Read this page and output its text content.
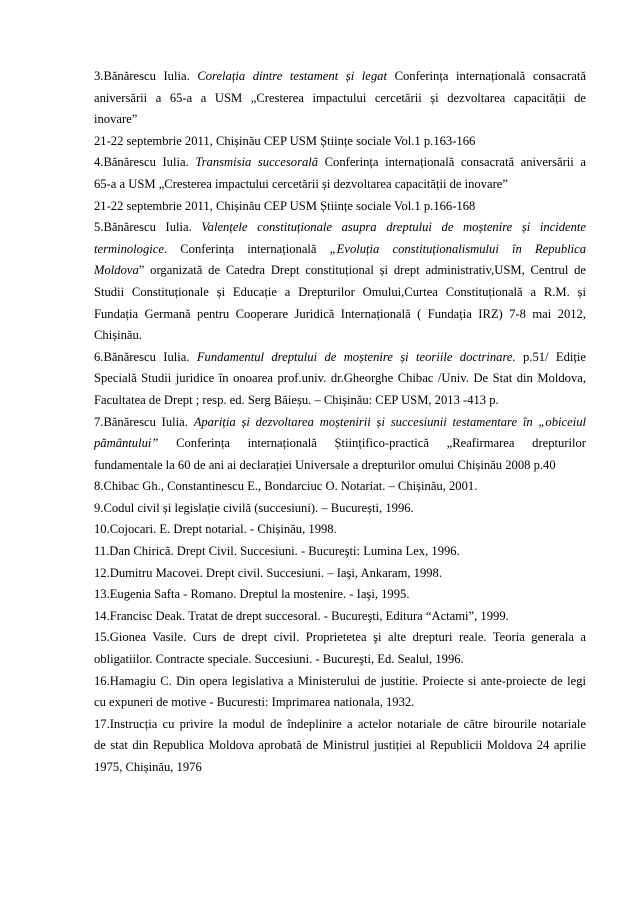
3.Bănărescu Iulia. Corelația dintre testament și legat Conferința internațională consacrată
aniversării a 65-a a USM „Cresterea impactului cercetării și dezvoltarea capacității de
inovare”
21-22 septembrie 2011, Chișinău CEP USM Științe sociale Vol.1 p.163-166
4.Bănărescu Iulia. Transmisia succesorală Conferința internațională consacrată aniversării a
65-a a USM „Cresterea impactului cercetării și dezvoltarea capacității de inovare”
21-22 septembrie 2011, Chișinău CEP USM Științe sociale Vol.1 p.166-168
5.Bănărescu Iulia. Valențele constituționale asupra dreptului de moștenire și incidente
terminologice. Conferința internațională „Evoluția constituționalismului în Republica
Moldova” organizată de Catedra Drept constituțional și drept administrativ,USM, Centrul de
Studii Constituționale și Educație a Drepturilor Omului,Curtea Constituțională a R.M. și
Fundația Germană pentru Cooperare Juridică Internațională ( Fundația IRZ) 7-8 mai 2012,
Chișinău.
6.Bănărescu Iulia. Fundamentul dreptului de moștenire și teoriile doctrinare. p.51/ Ediție
Specială Studii juridice în onoarea prof.univ. dr.Gheorghe Chibac /Univ. De Stat din Moldova,
Facultatea de Drept ; resp. ed. Serg Băieșu. – Chișinău: CEP USM, 2013 -413 p.
7.Bănărescu Iulia. Apariția și dezvoltarea moștenirii și succesiunii testamentare în „obiceiul
pământului” Conferința internațională Științifico-practică „Reafirmarea drepturilor
fundamentale la 60 de ani ai declarației Universale a drepturilor omului Chișinău 2008 p.40
8.Chibac Gh., Constantinescu E., Bondarciuc O. Notariat. – Chișinău, 2001.
9.Codul civil și legislație civilă (succesiuni). – București, 1996.
10.Cojocari. E. Drept notarial. - Chișinău, 1998.
11.Dan Chiricã. Drept Civil. Succesiuni. - Bucureşti: Lumina Lex, 1996.
12.Dumitru Macovei. Drept civil. Succesiuni. – Iaşi, Ankaram, 1998.
13.Eugenia Safta - Romano. Dreptul la mostenire. - Iaşi, 1995.
14.Francisc Deak. Tratat de drept succesoral. - Bucureşti, Editura “Actami”, 1999.
15.Gionea Vasile. Curs de drept civil. Proprietetea şi alte drepturi reale. Teoria generala a
obligatiilor. Contracte speciale. Succesiuni. - Bucureşti, Ed. Sealul, 1996.
16.Hamagiu C. Din opera legislativa a Ministerului de justitie. Proiecte si ante-proiecte de legi
cu expuneri de motive - Bucuresti: Imprimarea nationala, 1932.
17.Instrucția cu privire la modul de îndeplinire a actelor notariale de către birourile notariale
de stat din Republica Moldova aprobată de Ministrul justiției al Republicii Moldova 24 aprilie
1975, Chișinău, 1976
